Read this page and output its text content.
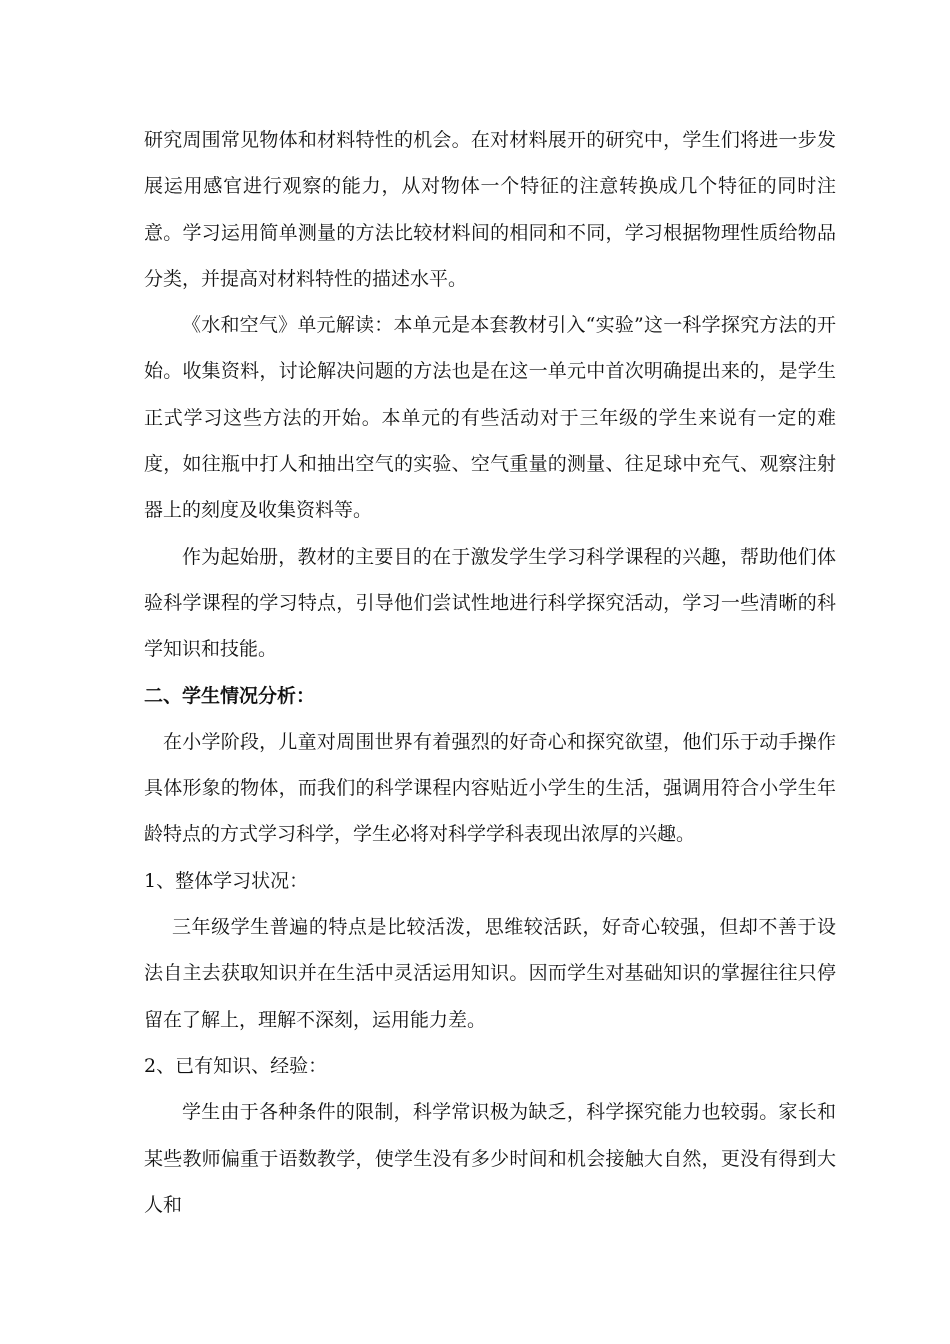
研究周围常见物体和材料特性的机会。在对材料展开的研究中，学生们将进一步发展运用感官进行观察的能力，从对物体一个特征的注意转换成几个特征的同时注意。学习运用简单测量的方法比较材料间的相同和不同，学习根据物理性质给物品分类，并提高对材料特性的描述水平。

《水和空气》单元解读：本单元是本套教材引入“实验”这一科学探究方法的开始。收集资料，讨论解决问题的方法也是在这一单元中首次明确提出来的，是学生正式学习这些方法的开始。本单元的有些活动对于三年级的学生来说有一定的难度，如往瓶中打人和抽出空气的实验、空气重量的测量、往足球中充气、观察注射器上的刻度及收集资料等。

作为起始册，教材的主要目的在于激发学生学习科学课程的兴趣，帮助他们体验科学课程的学习特点，引导他们尝试性地进行科学探究活动，学习一些清晰的科学知识和技能。

二、学生情况分析：

在小学阶段，儿童对周围世界有着强烈的好奇心和探究欲望，他们乐于动手操作具体形象的物体，而我们的科学课程内容贴近小学生的生活，强调用符合小学生年龄特点的方式学习科学，学生必将对科学学科表现出浓厚的兴趣。

1、整体学习状况：

三年级学生普遍的特点是比较活泼，思维较活跃，好奇心较强，但却不善于设法自主去获取知识并在生活中灵活运用知识。因而学生对基础知识的掌握往往只停留在了解上，理解不深刻，运用能力差。

2、已有知识、经验：

学生由于各种条件的限制，科学常识极为缺乏，科学探究能力也较弱。家长和某些教师偏重于语数教学，使学生没有多少时间和机会接触大自然，更没有得到大人和
